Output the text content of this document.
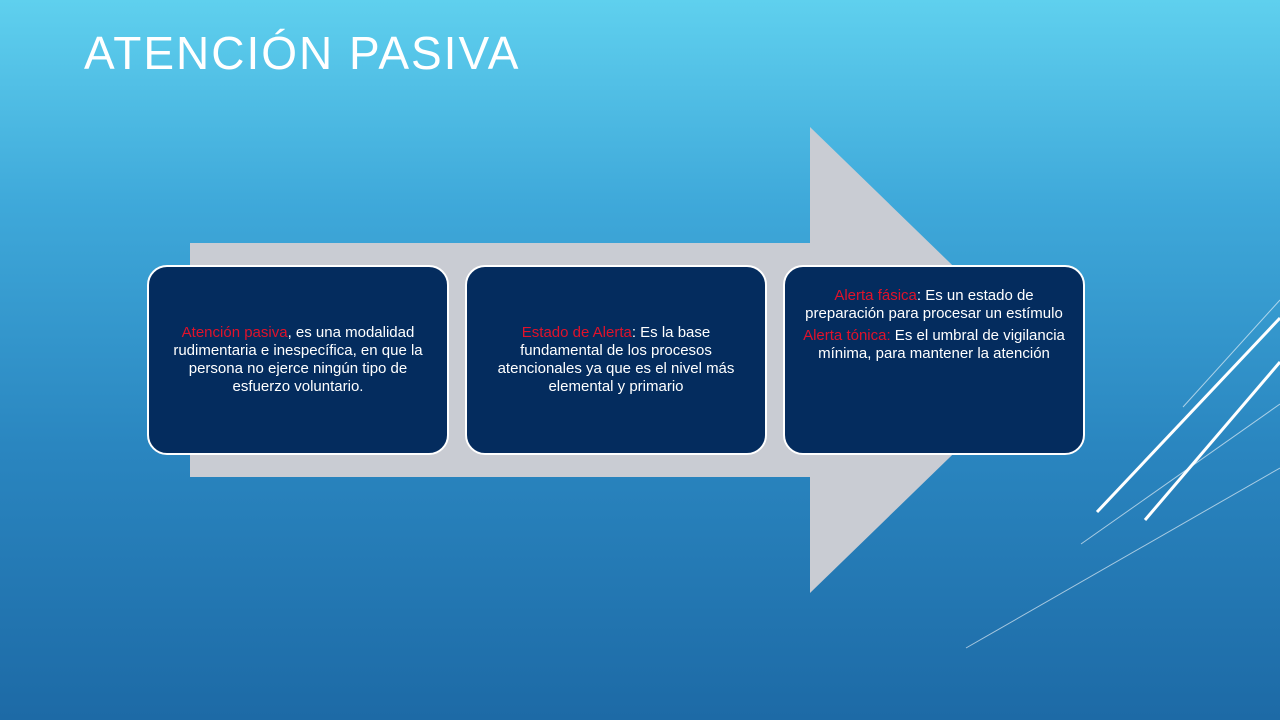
ATENCIÓN PASIVA

Atención pasiva, es una modalidad rudimentaria e inespecífica, en que la persona no ejerce ningún tipo de esfuerzo voluntario.

Estado de Alerta: Es la base fundamental de los procesos atencionales ya que es el nivel más elemental y primario

Alerta fásica: Es un estado de preparación para procesar un estímulo

Alerta tónica: Es el umbral de vigilancia mínima, para mantener la atención
